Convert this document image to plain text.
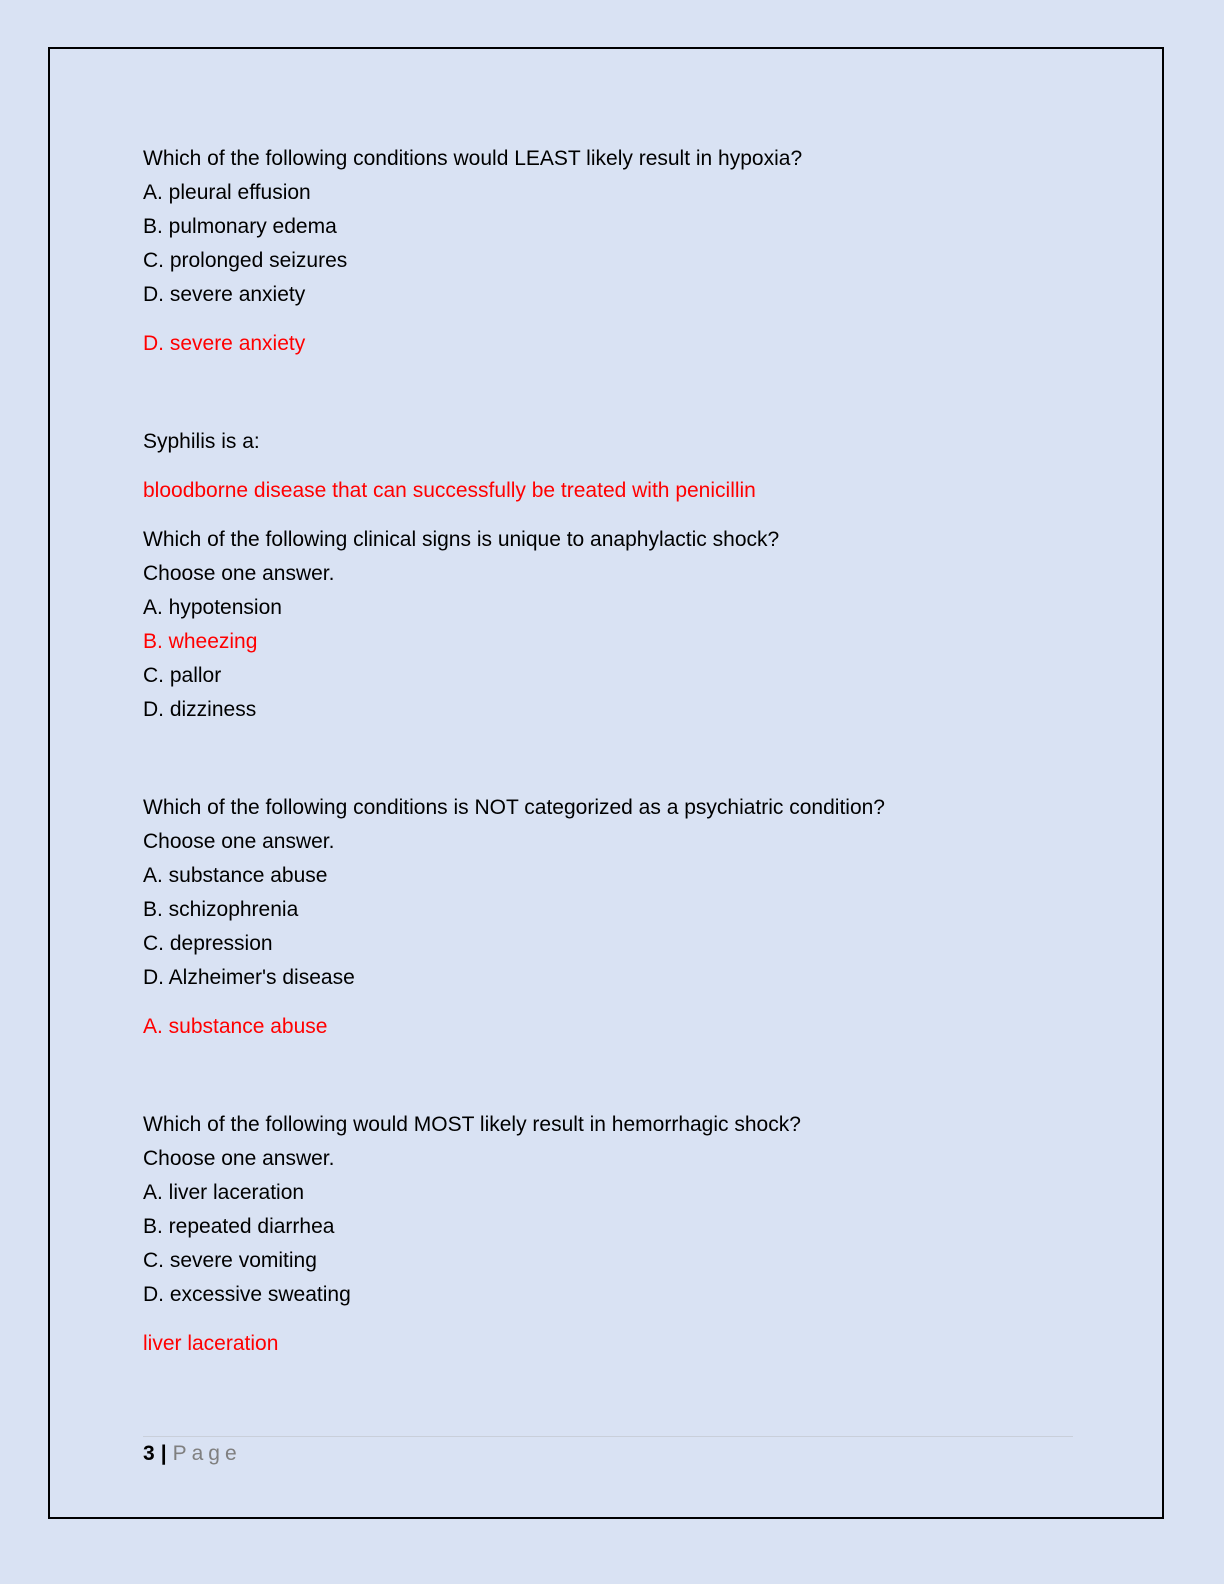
Which of the following conditions would LEAST likely result in hypoxia?
A. pleural effusion
B. pulmonary edema
C. prolonged seizures
D. severe anxiety
D. severe anxiety
Syphilis is a:
bloodborne disease that can successfully be treated with penicillin
Which of the following clinical signs is unique to anaphylactic shock?
Choose one answer.
A. hypotension
B. wheezing
C. pallor
D. dizziness
Which of the following conditions is NOT categorized as a psychiatric condition?
Choose one answer.
A. substance abuse
B. schizophrenia
C. depression
D. Alzheimer's disease
A. substance abuse
Which of the following would MOST likely result in hemorrhagic shock?
Choose one answer.
A. liver laceration
B. repeated diarrhea
C. severe vomiting
D. excessive sweating
liver laceration
3 | Page
